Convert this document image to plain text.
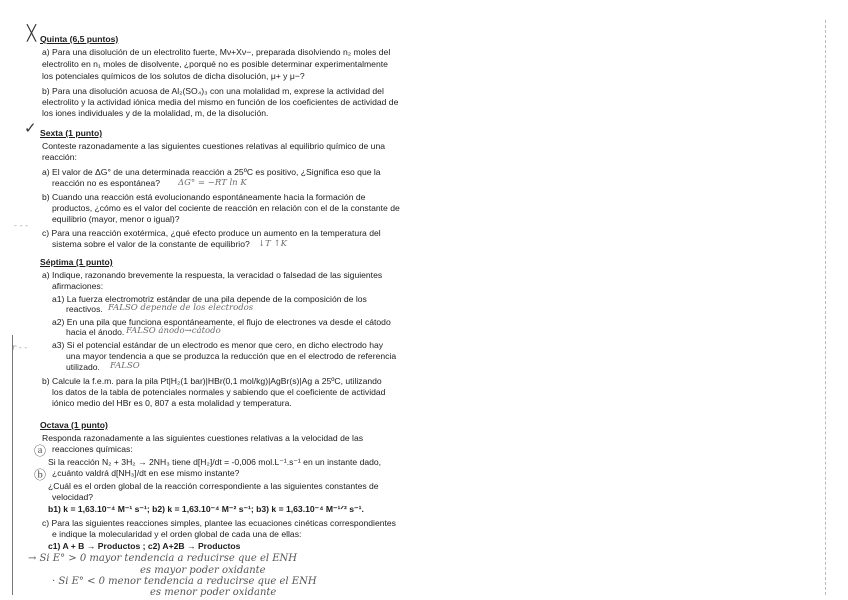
╳
✓
- - -
r - -
Quinta (6,5 puntos)
a) Para una disolución de un electrolito fuerte, Mν+Xν−, preparada disolviendo n₂ moles del
electrolito en n₁ moles de disolvente, ¿porqué no es posible determinar experimentalmente
los potenciales químicos de los solutos de dicha disolución, μ+ y μ−?
b) Para una disolución acuosa de Al₂(SO₄)₃ con una molalidad m, exprese la actividad del
electrolito y la actividad iónica media del mismo en función de los coeficientes de actividad de
los iones individuales y de la molalidad, m, de la disolución.
Sexta (1 punto)
Conteste razonadamente a las siguientes cuestiones relativas al equilibrio químico de una
reacción:
a) El valor de ΔG° de una determinada reacción a 25ºC es positivo, ¿Significa eso que la
reacción no es espontánea? ΔG° = −RT ln K
b) Cuando una reacción está evolucionando espontáneamente hacia la formación de
productos, ¿cómo es el valor del cociente de reacción en relación con el de la constante de
equilibrio (mayor, menor o igual)?
c) Para una reacción exotérmica, ¿qué efecto produce un aumento en la temperatura del
sistema sobre el valor de la constante de equilibrio? ↓T ↑K
Séptima (1 punto)
a) Indique, razonando brevemente la respuesta, la veracidad o falsedad de las siguientes
afirmaciones:
a1) La fuerza electromotriz estándar de una pila depende de la composición de los
reactivos. FALSO depende de los electrodos
a2) En una pila que funciona espontáneamente, el flujo de electrones va desde el cátodo
hacia el ánodo. FALSO ánodo→cátodo
a3) Si el potencial estándar de un electrodo es menor que cero, en dicho electrodo hay
una mayor tendencia a que se produzca la reducción que en el electrodo de referencia
utilizado. FALSO
b) Calcule la f.e.m. para la pila Pt|H₂(1 bar)|HBr(0,1 mol/kg)|AgBr(s)|Ag a 25ºC, utilizando
los datos de la tabla de potenciales normales y sabiendo que el coeficiente de actividad
iónico medio del HBr es 0, 807 a esta molalidad y temperatura.
Octava (1 punto)
Responda razonadamente a las siguientes cuestiones relativas a la velocidad de las
reacciones químicas:
ⓐ
Si la reacción N₂ + 3H₂ → 2NH₃ tiene d[H₂]/dt = -0,006 mol.L⁻¹.s⁻¹ en un instante dado,
¿cuánto valdrá d[NH₃]/dt en ese mismo instante?
ⓑ
¿Cuál es el orden global de la reacción correspondiente a las siguientes constantes de
velocidad?
b1) k = 1,63.10⁻⁴ M⁻¹ s⁻¹; b2) k = 1,63.10⁻⁴ M⁻² s⁻¹; b3) k = 1,63.10⁻⁴ M⁻¹ᐟ² s⁻¹.
c) Para las siguientes reacciones simples, plantee las ecuaciones cinéticas correspondientes
e indique la molecularidad y el orden global de cada una de ellas:
c1) A + B → Productos ; c2) A+2B → Productos
→ Si E° > 0 mayor tendencia a reducirse que el ENH
es mayor poder oxidante
· Si E° < 0 menor tendencia a reducirse que el ENH
es menor poder oxidante
